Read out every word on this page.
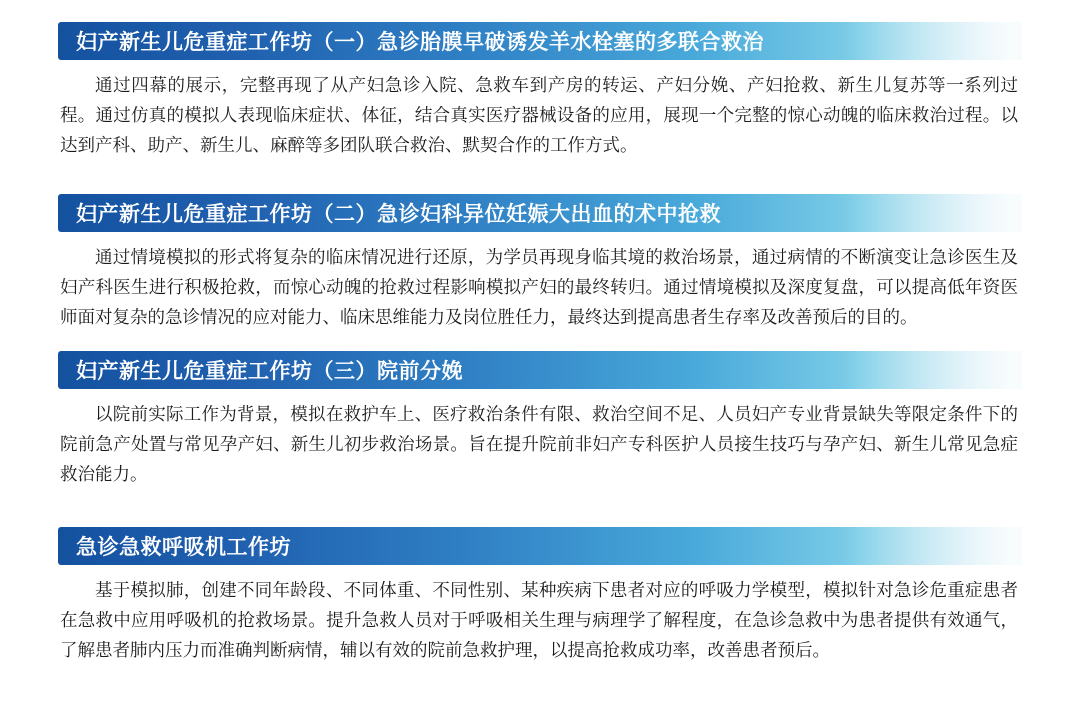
妇产新生儿危重症工作坊（一）急诊胎膜早破诱发羊水栓塞的多联合救治

通过四幕的展示，完整再现了从产妇急诊入院、急救车到产房的转运、产妇分娩、产妇抢救、新生儿复苏等一系列过程。通过仿真的模拟人表现临床症状、体征，结合真实医疗器械设备的应用，展现一个完整的惊心动魄的临床救治过程。以达到产科、助产、新生儿、麻醉等多团队联合救治、默契合作的工作方式。

妇产新生儿危重症工作坊（二）急诊妇科异位妊娠大出血的术中抢救

通过情境模拟的形式将复杂的临床情况进行还原，为学员再现身临其境的救治场景，通过病情的不断演变让急诊医生及妇产科医生进行积极抢救，而惊心动魄的抢救过程影响模拟产妇的最终转归。通过情境模拟及深度复盘，可以提高低年资医师面对复杂的急诊情况的应对能力、临床思维能力及岗位胜任力，最终达到提高患者生存率及改善预后的目的。

妇产新生儿危重症工作坊（三）院前分娩

以院前实际工作为背景，模拟在救护车上、医疗救治条件有限、救治空间不足、人员妇产专业背景缺失等限定条件下的院前急产处置与常见孕产妇、新生儿初步救治场景。旨在提升院前非妇产专科医护人员接生技巧与孕产妇、新生儿常见急症救治能力。

急诊急救呼吸机工作坊

基于模拟肺，创建不同年龄段、不同体重、不同性别、某种疾病下患者对应的呼吸力学模型，模拟针对急诊危重症患者在急救中应用呼吸机的抢救场景。提升急救人员对于呼吸相关生理与病理学了解程度，在急诊急救中为患者提供有效通气，了解患者肺内压力而准确判断病情，辅以有效的院前急救护理，以提高抢救成功率，改善患者预后。
